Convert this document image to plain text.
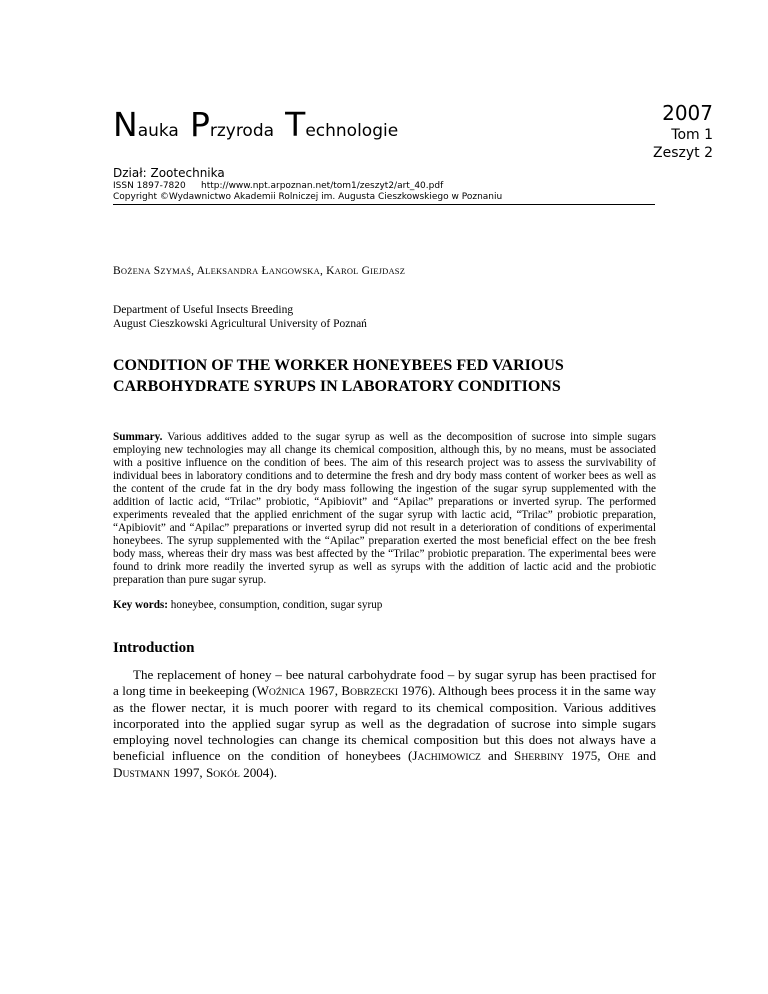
Nauka Przyroda Technologie
2007
Tom 1
Zeszyt 2
Dział: Zootechnika
ISSN 1897-7820 http://www.npt.arpoznan.net/tom1/zeszyt2/art_40.pdf
Copyright ©Wydawnictwo Akademii Rolniczej im. Augusta Cieszkowskiego w Poznaniu
BOŻENA SZYMAŚ, ALEKSANDRA ŁANGOWSKA, KAROL GIEJDASZ
Department of Useful Insects Breeding
August Cieszkowski Agricultural University of Poznań
CONDITION OF THE WORKER HONEYBEES FED VARIOUS
CARBOHYDRATE SYRUPS IN LABORATORY CONDITIONS

Summary. Various additives added to the sugar syrup as well as the decomposition of sucrose into simple sugars employing new technologies may all change its chemical composition, although this, by no means, must be associated with a positive influence on the condition of bees. The aim of this research project was to assess the survivability of individual bees in laboratory conditions and to determine the fresh and dry body mass content of worker bees as well as the content of the crude fat in the dry body mass following the ingestion of the sugar syrup supplemented with the addition of lactic acid, “Trilac” probiotic, “Apibiovit” and “Apilac” preparations or inverted syrup. The performed experiments revealed that the applied enrichment of the sugar syrup with lactic acid, “Trilac” probiotic preparation, “Apibiovit” and “Apilac” preparations or inverted syrup did not result in a deterioration of conditions of experimental honeybees. The syrup supplemented with the “Apilac” preparation exerted the most beneficial effect on the bee fresh body mass, whereas their dry mass was best affected by the “Trilac” probiotic preparation. The experimental bees were found to drink more readily the inverted syrup as well as syrups with the addition of lactic acid and the probiotic preparation than pure sugar syrup.

Key words: honeybee, consumption, condition, sugar syrup

Introduction

The replacement of honey – bee natural carbohydrate food – by sugar syrup has been practised for a long time in beekeeping (WOŹNICA 1967, BOBRZECKI 1976). Although bees process it in the same way as the flower nectar, it is much poorer with regard to its chemical composition. Various additives incorporated into the applied sugar syrup as well as the degradation of sucrose into simple sugars employing novel technologies can change its chemical composition but this does not always have a beneficial influence on the condition of honeybees (JACHIMOWICZ and SHERBINY 1975, OHE and DUSTMANN 1997, SOKÓŁ 2004).
